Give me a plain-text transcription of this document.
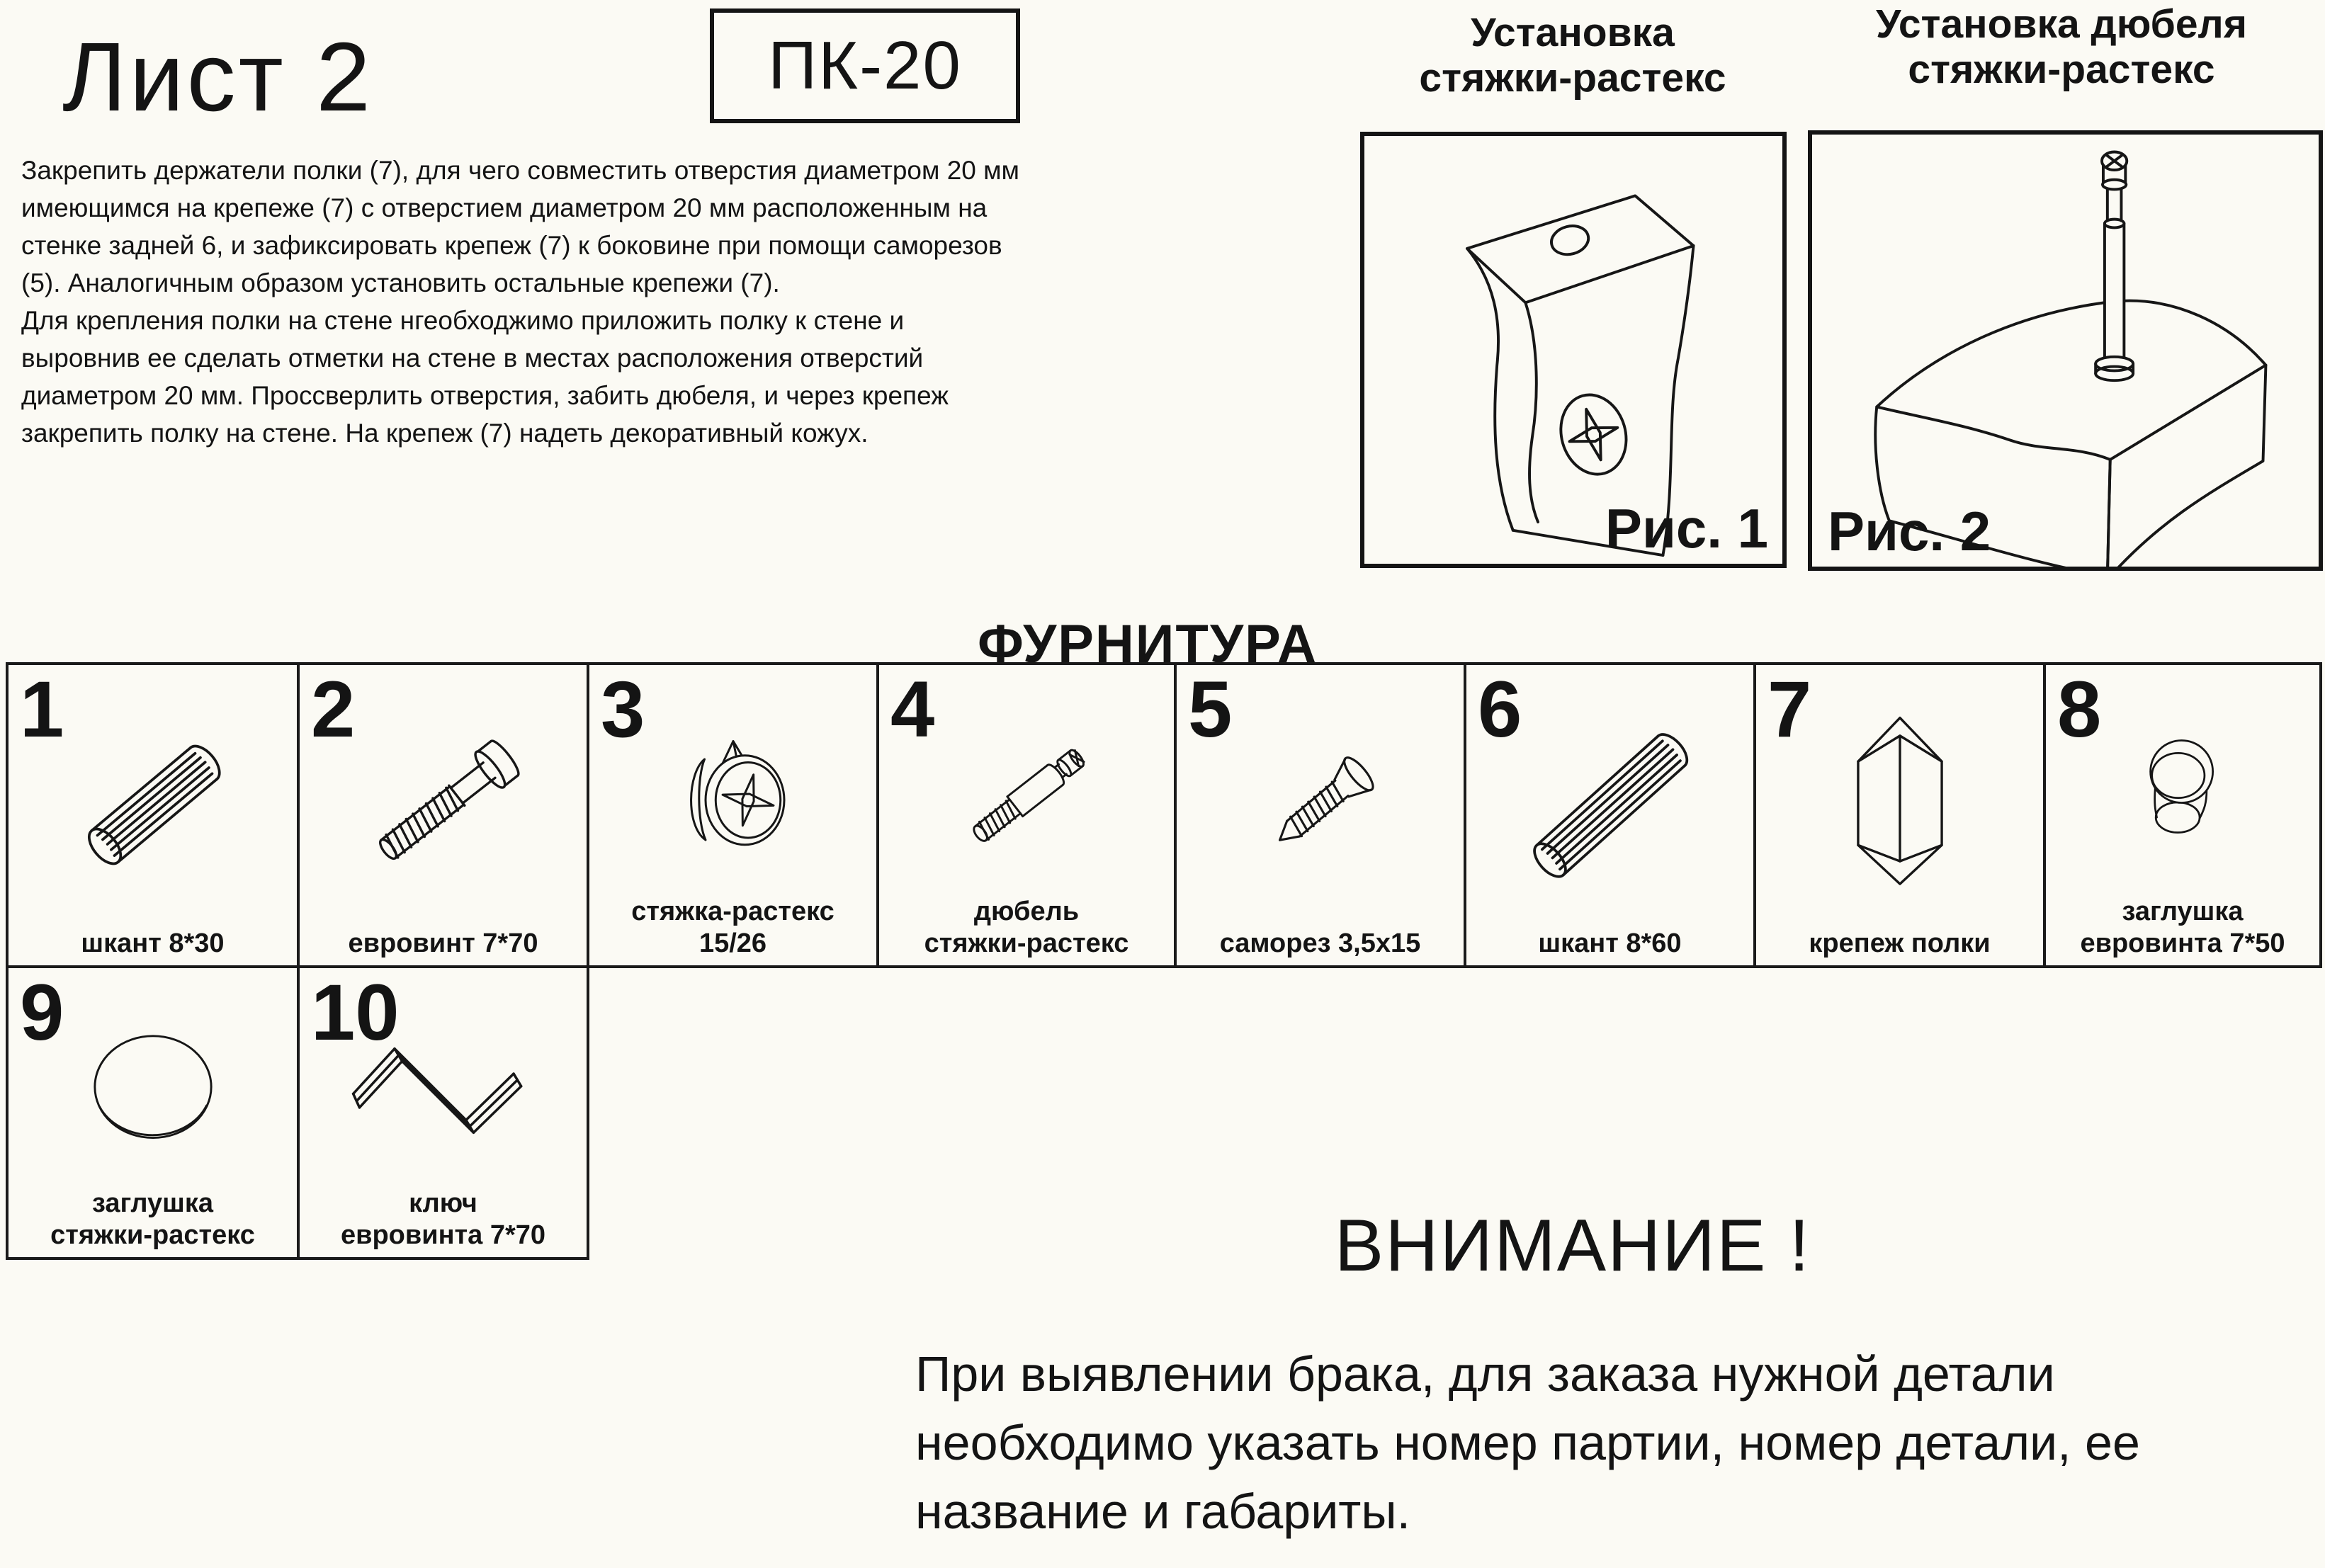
Лист 2	ПК-20
Закрепить держатели полки (7), для чего совместить отверстия диаметром 20 мм
имеющимся на крепеже (7) с отверстием диаметром 20 мм расположенным на
стенке задней 6, и зафиксировать крепеж (7) к боковине при помощи саморезов
(5). Аналогичным образом установить остальные крепежи (7).
Для крепления полки на стене нгеобходжимо приложить полку к стене и
выровнив ее сделать отметки на стене в местах расположения отверстий
диаметром 20 мм. Проссверлить отверстия, забить дюбеля, и через крепеж
закрепить полку на стене. На крепеж (7) надеть декоративный кожух.
Установка
стяжки-растекс
Установка дюбеля
стяжки-растекс
Рис. 1 Рис. 2
ФУРНИТУРА
1
шкант 8*30
2
евровинт 7*70
3
стяжка-растекс
15/26
4
дюбель
стяжки-растекс
5
саморез 3,5х15
6
шкант 8*60
7
крепеж полки
8
заглушка
евровинта 7*50
9
заглушка
стяжки-растекс
10
ключ
евровинта 7*70	ВНИМАНИЕ !
При выявлении брака, для заказа нужной детали
необходимо указать номер партии, номер детали, ее
название и габариты.
